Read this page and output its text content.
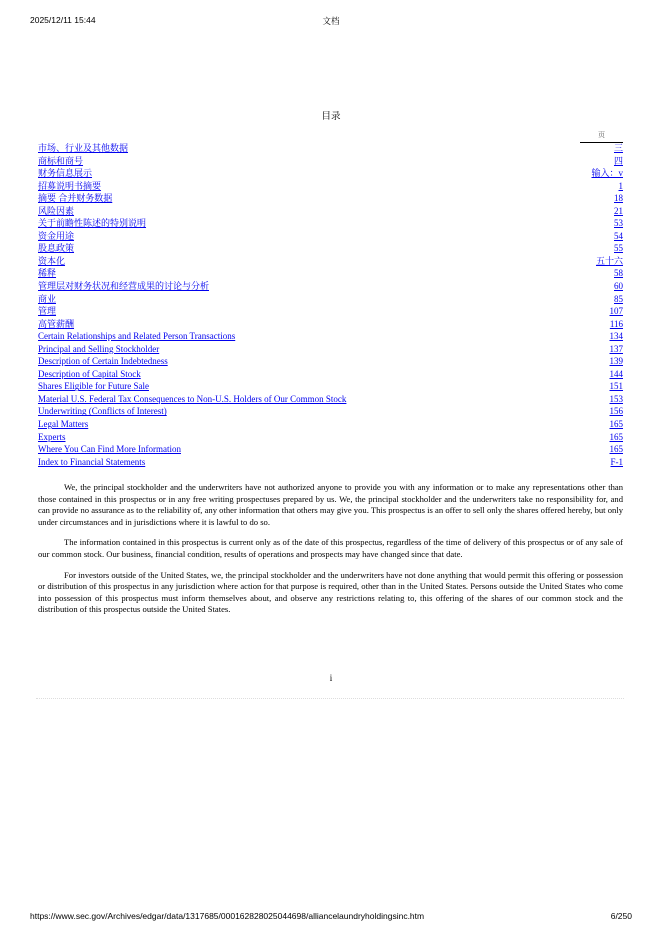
2025/12/11 15:44	文档
目录
页
市场、行业及其他数据	三
商标和商号	四
财务信息展示	输入：v
招募说明书摘要	1
摘要 合并财务数据	18
风险因素	21
关于前瞻性陈述的特别说明	53
资金用途	54
股息政策	55
资本化	五十六
稀释	58
管理层对财务状况和经营成果的讨论与分析	60
商业	85
管理	107
高管薪酬	116
Certain Relationships and Related Person Transactions	134
Principal and Selling Stockholder	137
Description of Certain Indebtedness	139
Description of Capital Stock	144
Shares Eligible for Future Sale	151
Material U.S. Federal Tax Consequences to Non-U.S. Holders of Our Common Stock	153
Underwriting (Conflicts of Interest)	156
Legal Matters	165
Experts	165
Where You Can Find More Information	165
Index to Financial Statements	F-1

We, the principal stockholder and the underwriters have not authorized anyone to provide you with any information or to make any representations other than those contained in this prospectus or in any free writing prospectuses prepared by us. We, the principal stockholder and the underwriters take no responsibility for, and can provide no assurance as to the reliability of, any other information that others may give you. This prospectus is an offer to sell only the shares offered hereby, but only under circumstances and in jurisdictions where it is lawful to do so.

The information contained in this prospectus is current only as of the date of this prospectus, regardless of the time of delivery of this prospectus or of any sale of our common stock. Our business, financial condition, results of operations and prospects may have changed since that date.

For investors outside of the United States, we, the principal stockholder and the underwriters have not done anything that would permit this offering or possession or distribution of this prospectus in any jurisdiction where action for that purpose is required, other than in the United States. Persons outside the United States who come into possession of this prospectus must inform themselves about, and observe any restrictions relating to, this offering of the shares of our common stock and the distribution of this prospectus outside the United States.

i
https://www.sec.gov/Archives/edgar/data/1317685/000162828025044698/alliancelaundryholdingsinc.htm	6/250
